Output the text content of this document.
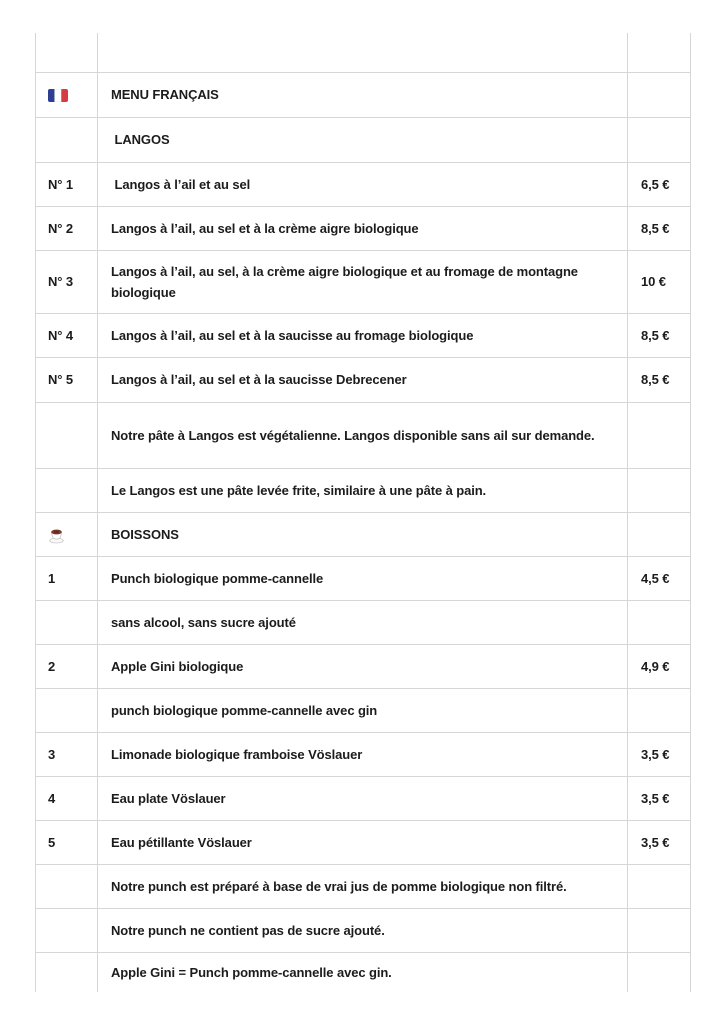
	MENU FRANÇAIS	
	LANGOS	
N° 1	Langos à l’ail et au sel	6,5 €
N° 2	Langos à l’ail, au sel et à la crème aigre biologique	8,5 €
N° 3	Langos à l’ail, au sel, à la crème aigre biologique et au fromage de montagne biologique	10 €
N° 4	Langos à l’ail, au sel et à la saucisse au fromage biologique	8,5 €
N° 5	Langos à l’ail, au sel et à la saucisse Debrecener	8,5 €
	Notre pâte à Langos est végétalienne. Langos disponible sans ail sur demande.	
	Le Langos est une pâte levée frite, similaire à une pâte à pain.	
	BOISSONS	
1	Punch biologique pomme-cannelle	4,5 €
	sans alcool, sans sucre ajouté	
2	Apple Gini biologique	4,9 €
	punch biologique pomme-cannelle avec gin	
3	Limonade biologique framboise Vöslauer	3,5 €
4	Eau plate Vöslauer	3,5 €
5	Eau pétillante Vöslauer	3,5 €
	Notre punch est préparé à base de vrai jus de pomme biologique non filtré.	
	Notre punch ne contient pas de sucre ajouté.	
	Apple Gini = Punch pomme-cannelle avec gin.	
